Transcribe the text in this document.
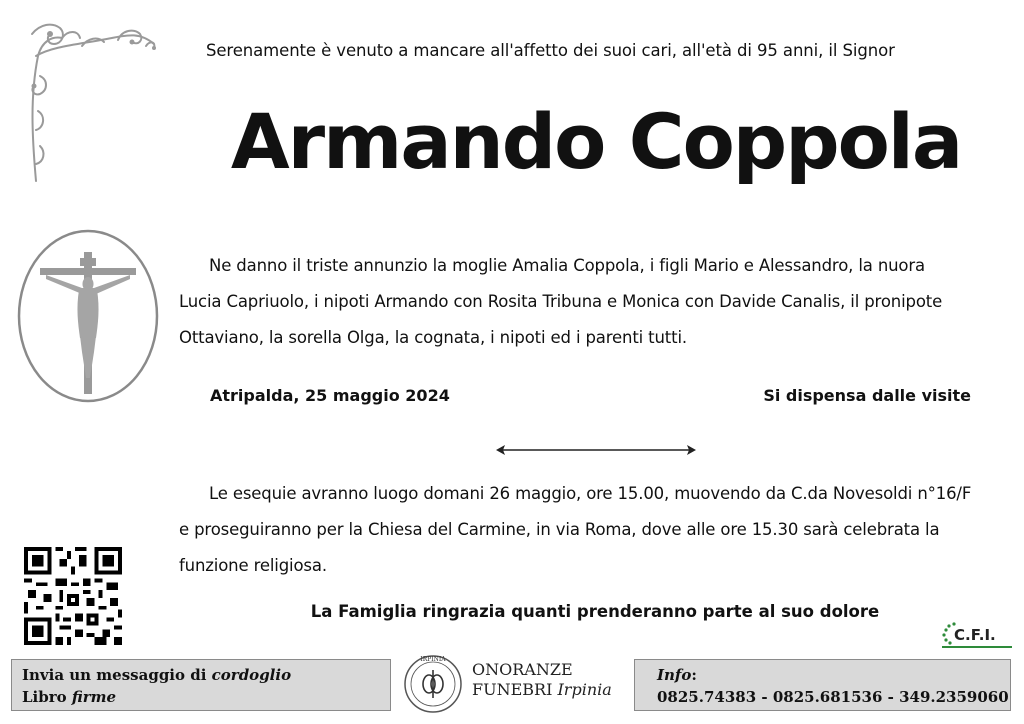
Serenamente è venuto a mancare all'affetto dei suoi cari, all'età di 95 anni, il Signor
Armando Coppola

Ne danno il triste annunzio la moglie Amalia Coppola, i figli Mario e Alessandro, la nuora

Lucia Capriuolo, i nipoti Armando con Rosita Tribuna e Monica con Davide Canalis, il pronipote

Ottaviano, la sorella Olga, la cognata, i nipoti ed i parenti tutti.

Atripalda, 25 maggio 2024	Si dispensa dalle visite

Le esequie avranno luogo domani 26 maggio, ore 15.00, muovendo da C.da Novesoldi n°16/F

e proseguiranno per la Chiesa del Carmine, in via Roma, dove alle ore 15.30 sarà celebrata la

funzione religiosa.

La Famiglia ringrazia quanti prenderanno parte al suo dolore
C.F.I.
Invia un messaggio di cordoglio
Libro firme
IRPINIA
ONORANZE
FUNEBRI Irpinia
Info:
0825.74383 - 0825.681536 - 349.2359060
